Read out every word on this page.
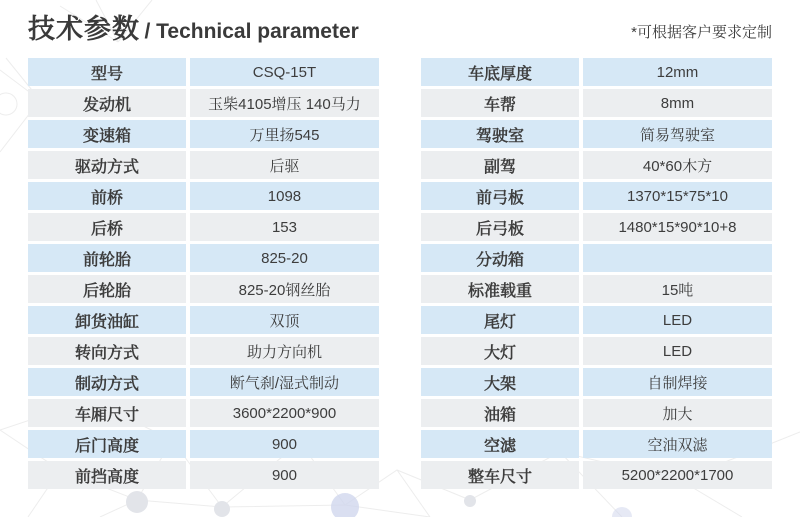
技术参数 / Technical parameter	*可根据客户要求定制
型号	CSQ-15T
发动机	玉柴4105增压 140马力
变速箱	万里扬545
驱动方式	后驱
前桥	1098
后桥	153
前轮胎	825-20
后轮胎	825-20钢丝胎
卸货油缸	双顶
转向方式	助力方向机
制动方式	断气刹/湿式制动
车厢尺寸	3600*2200*900
后门高度	900
前挡高度	900
车底厚度	12mm
车帮	8mm
驾驶室	简易驾驶室
副驾	40*60木方
前弓板	1370*15*75*10
后弓板	1480*15*90*10+8
分动箱
标准载重	15吨
尾灯	LED
大灯	LED
大架	自制焊接
油箱	加大
空滤	空油双滤
整车尺寸	5200*2200*1700
